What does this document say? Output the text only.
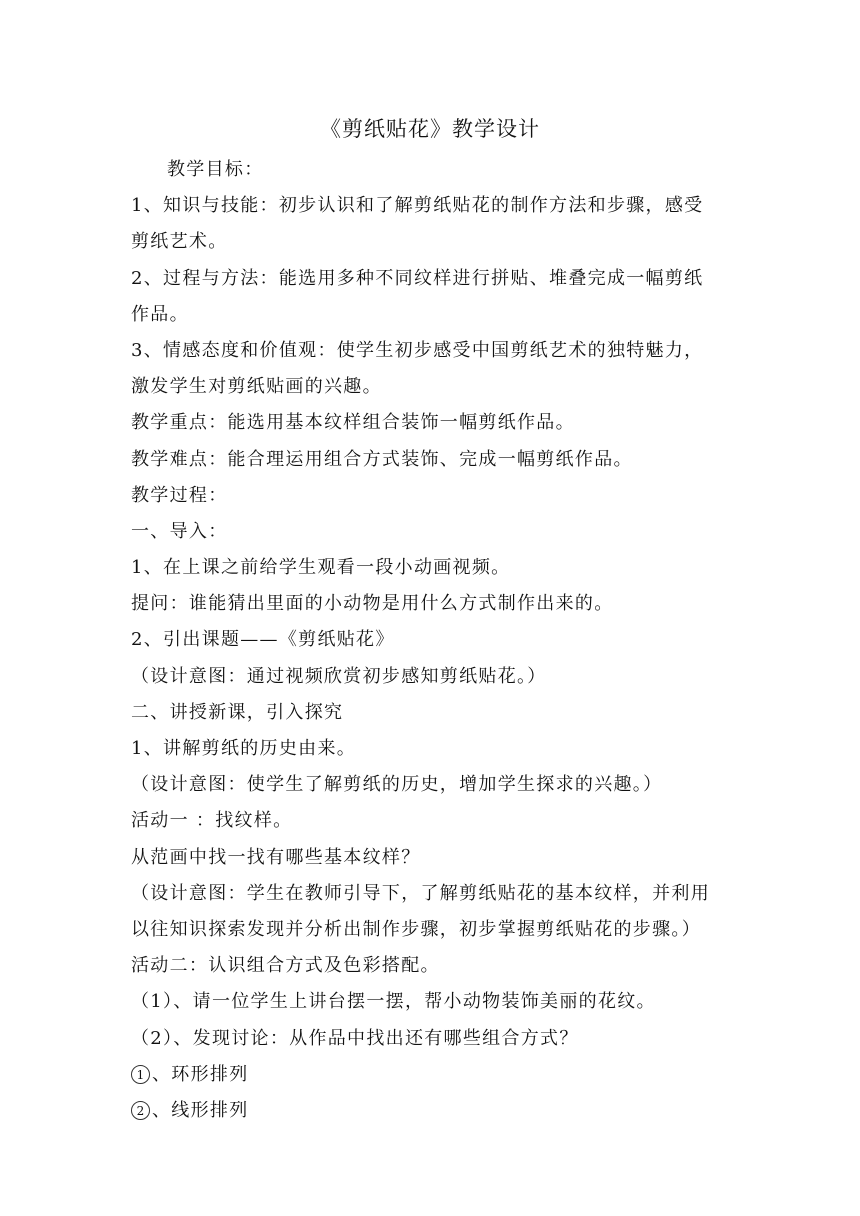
《剪纸贴花》教学设计
教学目标：
1、知识与技能：初步认识和了解剪纸贴花的制作方法和步骤，感受
剪纸艺术。
2、过程与方法：能选用多种不同纹样进行拼贴、堆叠完成一幅剪纸
作品。
3、情感态度和价值观：使学生初步感受中国剪纸艺术的独特魅力，
激发学生对剪纸贴画的兴趣。
教学重点：能选用基本纹样组合装饰一幅剪纸作品。
教学难点：能合理运用组合方式装饰、完成一幅剪纸作品。
教学过程：
一、导入：
1、在上课之前给学生观看一段小动画视频。
提问：谁能猜出里面的小动物是用什么方式制作出来的。
2、引出课题——《剪纸贴花》
（设计意图：通过视频欣赏初步感知剪纸贴花。）
二、讲授新课，引入探究
1、讲解剪纸的历史由来。
（设计意图：使学生了解剪纸的历史，增加学生探求的兴趣。）
活动一 ：找纹样。
从范画中找一找有哪些基本纹样？
（设计意图：学生在教师引导下，了解剪纸贴花的基本纹样，并利用
以往知识探索发现并分析出制作步骤，初步掌握剪纸贴花的步骤。）
活动二：认识组合方式及色彩搭配。
（1）、请一位学生上讲台摆一摆，帮小动物装饰美丽的花纹。
（2）、发现讨论：从作品中找出还有哪些组合方式？
1 、环形排列
2 、线形排列
